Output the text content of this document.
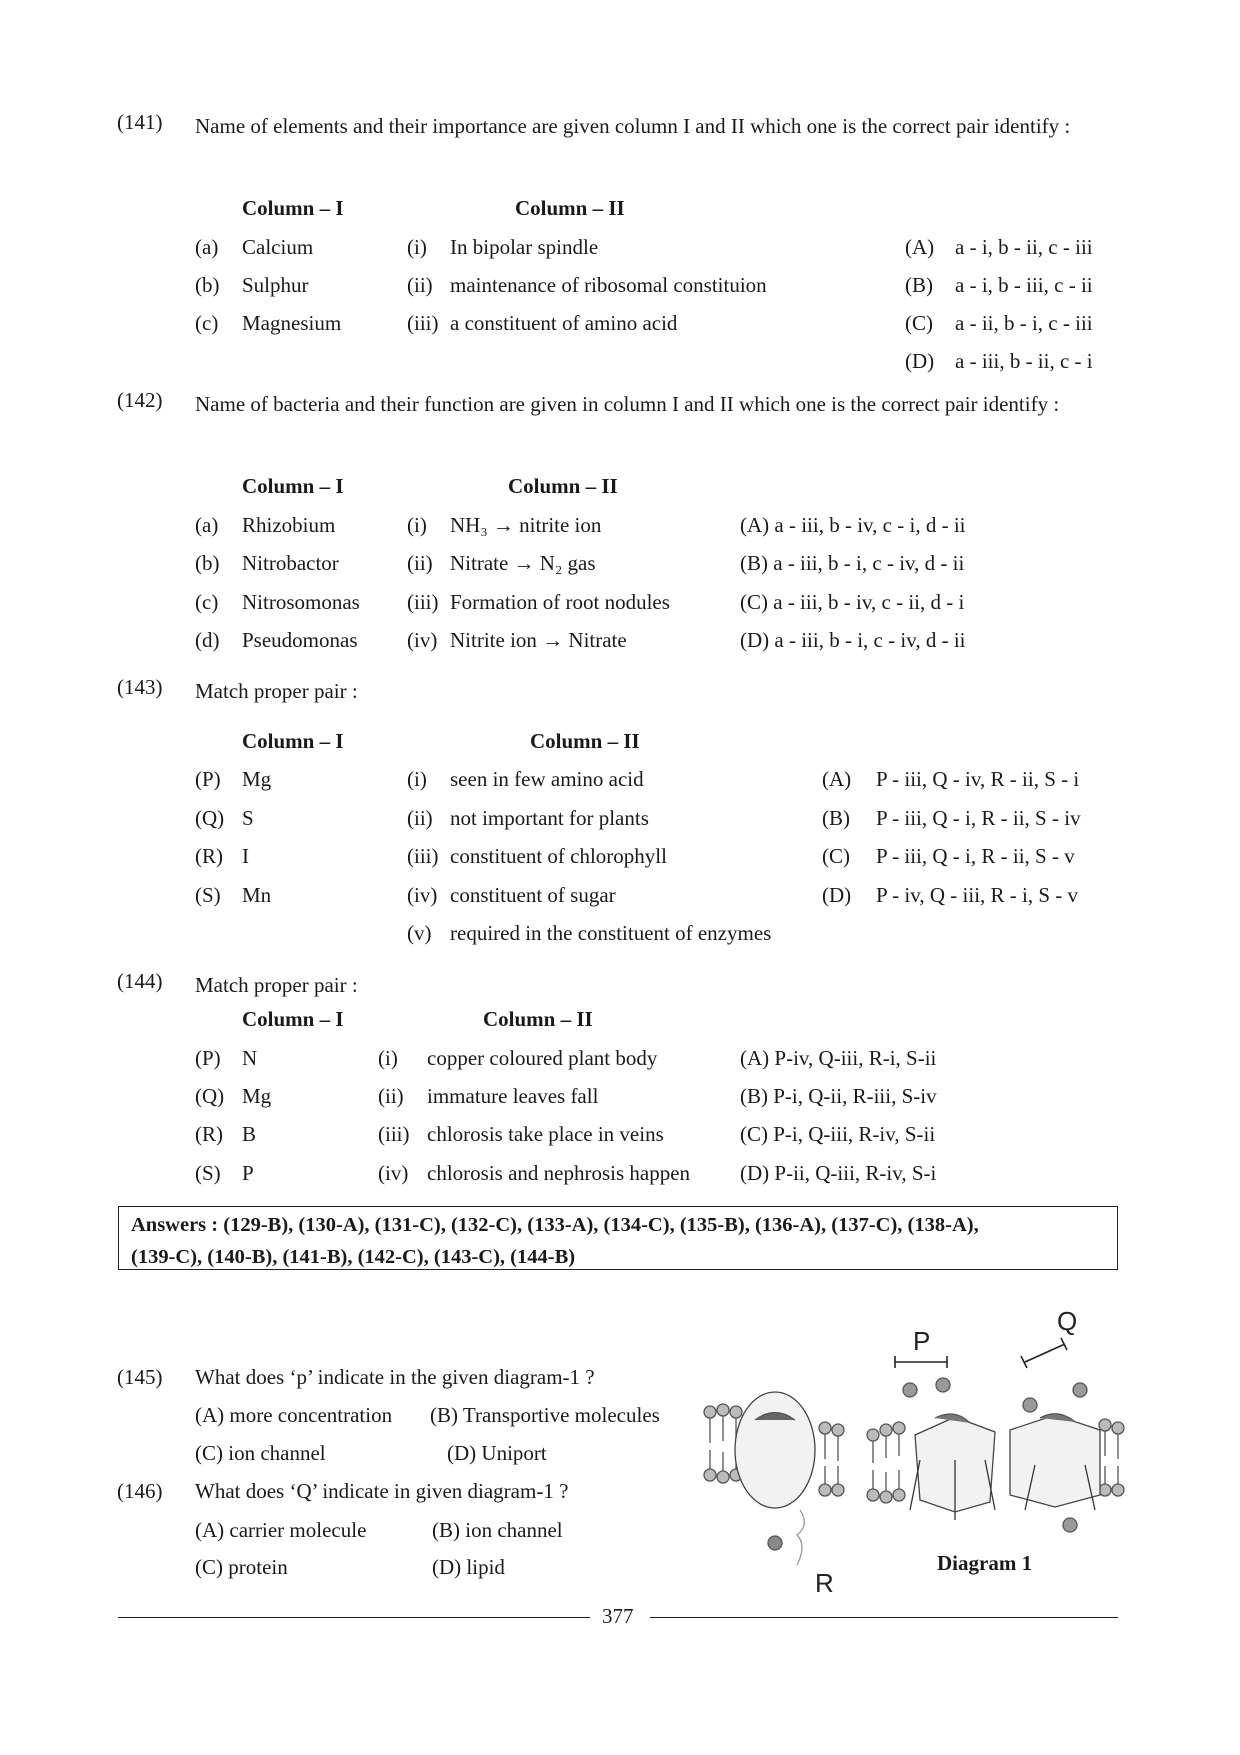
(141) Name of elements and their importance are given column I and II which one is the correct pair identify :
Column – I	Column – II
(a) Calcium	(i) In bipolar spindle
(b) Sulphur	(ii) maintenance of ribosomal constituion
(c) Magnesium	(iii) a constituent of amino acid
(A) a - i, b - ii, c - iii
(B) a - i, b - iii, c - ii
(C) a - ii, b - i, c - iii
(D) a - iii, b - ii, c - i
(142) Name of bacteria and their function are given in column I and II which one is the correct pair identify :
Column – I	Column – II
(a) Rhizobium	(i) NH₃ → nitrite ion
(b) Nitrobactor	(ii) Nitrate → N₂ gas
(c) Nitrosomonas (iii) Formation of root nodules
(d) Pseudomonas (iv) Nitrite ion → Nitrate
(A) a - iii, b - iv, c - i, d - ii
(B) a - iii, b - i, c - iv, d - ii
(C) a - iii, b - iv, c - ii, d - i
(D) a - iii, b - i, c - iv, d - ii
(143) Match proper pair :
Column – I	Column – II
(P) Mg	(i) seen in few amino acid
(Q) S	(ii) not important for plants
(R) I	(iii) constituent of chlorophyll
(S) Mn	(iv) constituent of sugar
(v) required in the constituent of enzymes
(A) P - iii, Q - iv, R - ii, S - i
(B) P - iii, Q - i, R - ii, S - iv
(C) P - iii, Q - i, R - ii, S - v
(D) P - iv, Q - iii, R - i, S - v
(144) Match proper pair :
Column – I	Column – II
(P) N	(i) copper coloured plant body
(Q) Mg	(ii) immature leaves fall
(R) B	(iii) chlorosis take place in veins
(S) P	(iv) chlorosis and nephrosis happen
(A) P-iv, Q-iii, R-i, S-ii
(B) P-i, Q-ii, R-iii, S-iv
(C) P-i, Q-iii, R-iv, S-ii
(D) P-ii, Q-iii, R-iv, S-i
Answers : (129-B), (130-A), (131-C), (132-C), (133-A), (134-C), (135-B), (136-A), (137-C), (138-A),
(139-C), (140-B), (141-B), (142-C), (143-C), (144-B)
(145) What does ‘p’ indicate in the given diagram-1 ?
(A) more concentration (B) Transportive molecules
(C) ion channel	(D) Uniport
(146) What does ‘Q’ indicate in given diagram-1 ?
(A) carrier molecule	(B) ion channel
(C) protein	(D) lipid
P
Q
R
Diagram 1
377
